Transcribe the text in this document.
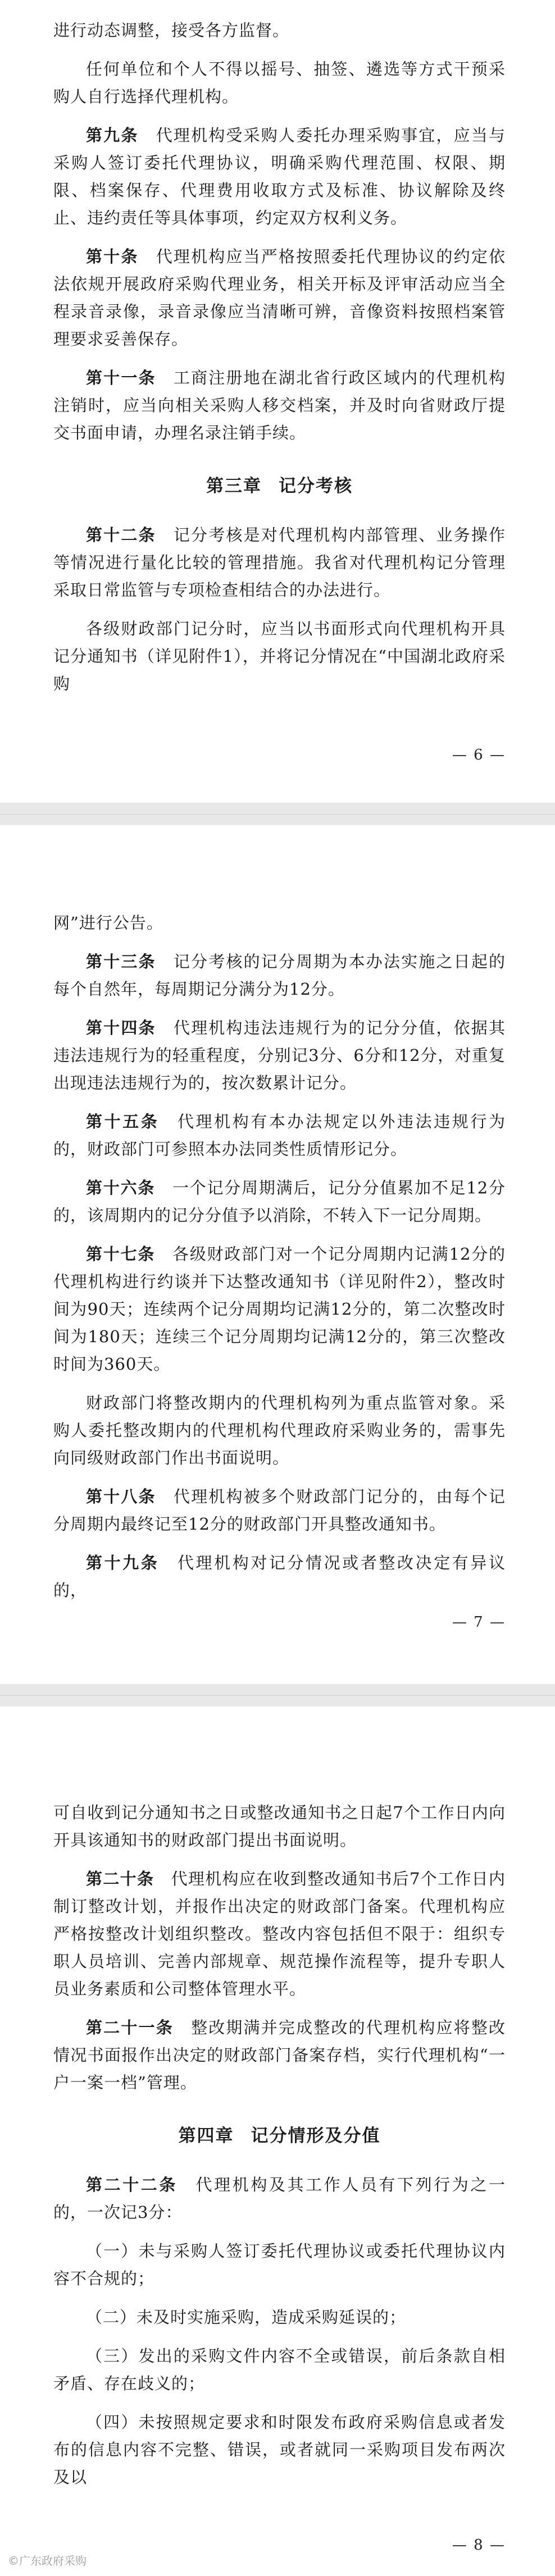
进行动态调整，接受各方监督。

任何单位和个人不得以摇号、抽签、遴选等方式干预采购人自行选择代理机构。

第九条　 代理机构受采购人委托办理采购事宜，应当与采购人签订委托代理协议，明确采购代理范围、权限、期限、档案保存、代理费用收取方式及标准、协议解除及终止、违约责任等具体事项，约定双方权利义务。

第十条　 代理机构应当严格按照委托代理协议的约定依法依规开展政府采购代理业务，相关开标及评审活动应当全程录音录像，录音录像应当清晰可辨，音像资料按照档案管理要求妥善保存。

第十一条　 工商注册地在湖北省行政区域内的代理机构注销时，应当向相关采购人移交档案，并及时向省财政厅提交书面申请，办理名录注销手续。

第三章 记分考核

第十二条　 记分考核是对代理机构内部管理、业务操作等情况进行量化比较的管理措施。我省对代理机构记分管理采取日常监管与专项检查相结合的办法进行。

各级财政部门记分时，应当以书面形式向代理机构开具记分通知书（详见附件1），并将记分情况在“中国湖北政府采购

— 6 —

网”进行公告。

第十三条　 记分考核的记分周期为本办法实施之日起的每个自然年，每周期记分满分为12分。

第十四条　 代理机构违法违规行为的记分分值，依据其违法违规行为的轻重程度，分别记3分、6分和12分，对重复出现违法违规行为的，按次数累计记分。

第十五条　 代理机构有本办法规定以外违法违规行为的，财政部门可参照本办法同类性质情形记分。

第十六条　 一个记分周期满后，记分分值累加不足12分的，该周期内的记分分值予以消除，不转入下一记分周期。

第十七条　 各级财政部门对一个记分周期内记满12分的代理机构进行约谈并下达整改通知书（详见附件2），整改时间为90天；连续两个记分周期均记满12分的，第二次整改时间为180天；连续三个记分周期均记满12分的，第三次整改时间为360天。

财政部门将整改期内的代理机构列为重点监管对象。采购人委托整改期内的代理机构代理政府采购业务的，需事先向同级财政部门作出书面说明。

第十八条　 代理机构被多个财政部门记分的，由每个记分周期内最终记至12分的财政部门开具整改通知书。

第十九条　 代理机构对记分情况或者整改决定有异议的，

— 7 —

可自收到记分通知书之日或整改通知书之日起7个工作日内向开具该通知书的财政部门提出书面说明。

第二十条　 代理机构应在收到整改通知书后7个工作日内制订整改计划，并报作出决定的财政部门备案。代理机构应严格按整改计划组织整改。整改内容包括但不限于：组织专职人员培训、完善内部规章、规范操作流程等，提升专职人员业务素质和公司整体管理水平。

第二十一条　 整改期满并完成整改的代理机构应将整改情况书面报作出决定的财政部门备案存档，实行代理机构“一户一案一档”管理。

第四章 记分情形及分值

第二十二条　 代理机构及其工作人员有下列行为之一的，一次记3分：

（一）未与采购人签订委托代理协议或委托代理协议内容不合规的；

（二）未及时实施采购，造成采购延误的；

（三）发出的采购文件内容不全或错误，前后条款自相矛盾、存在歧义的；

（四）未按照规定要求和时限发布政府采购信息或者发布的信息内容不完整、错误，或者就同一采购项目发布两次及以

— 8 —
©广东政府采购
